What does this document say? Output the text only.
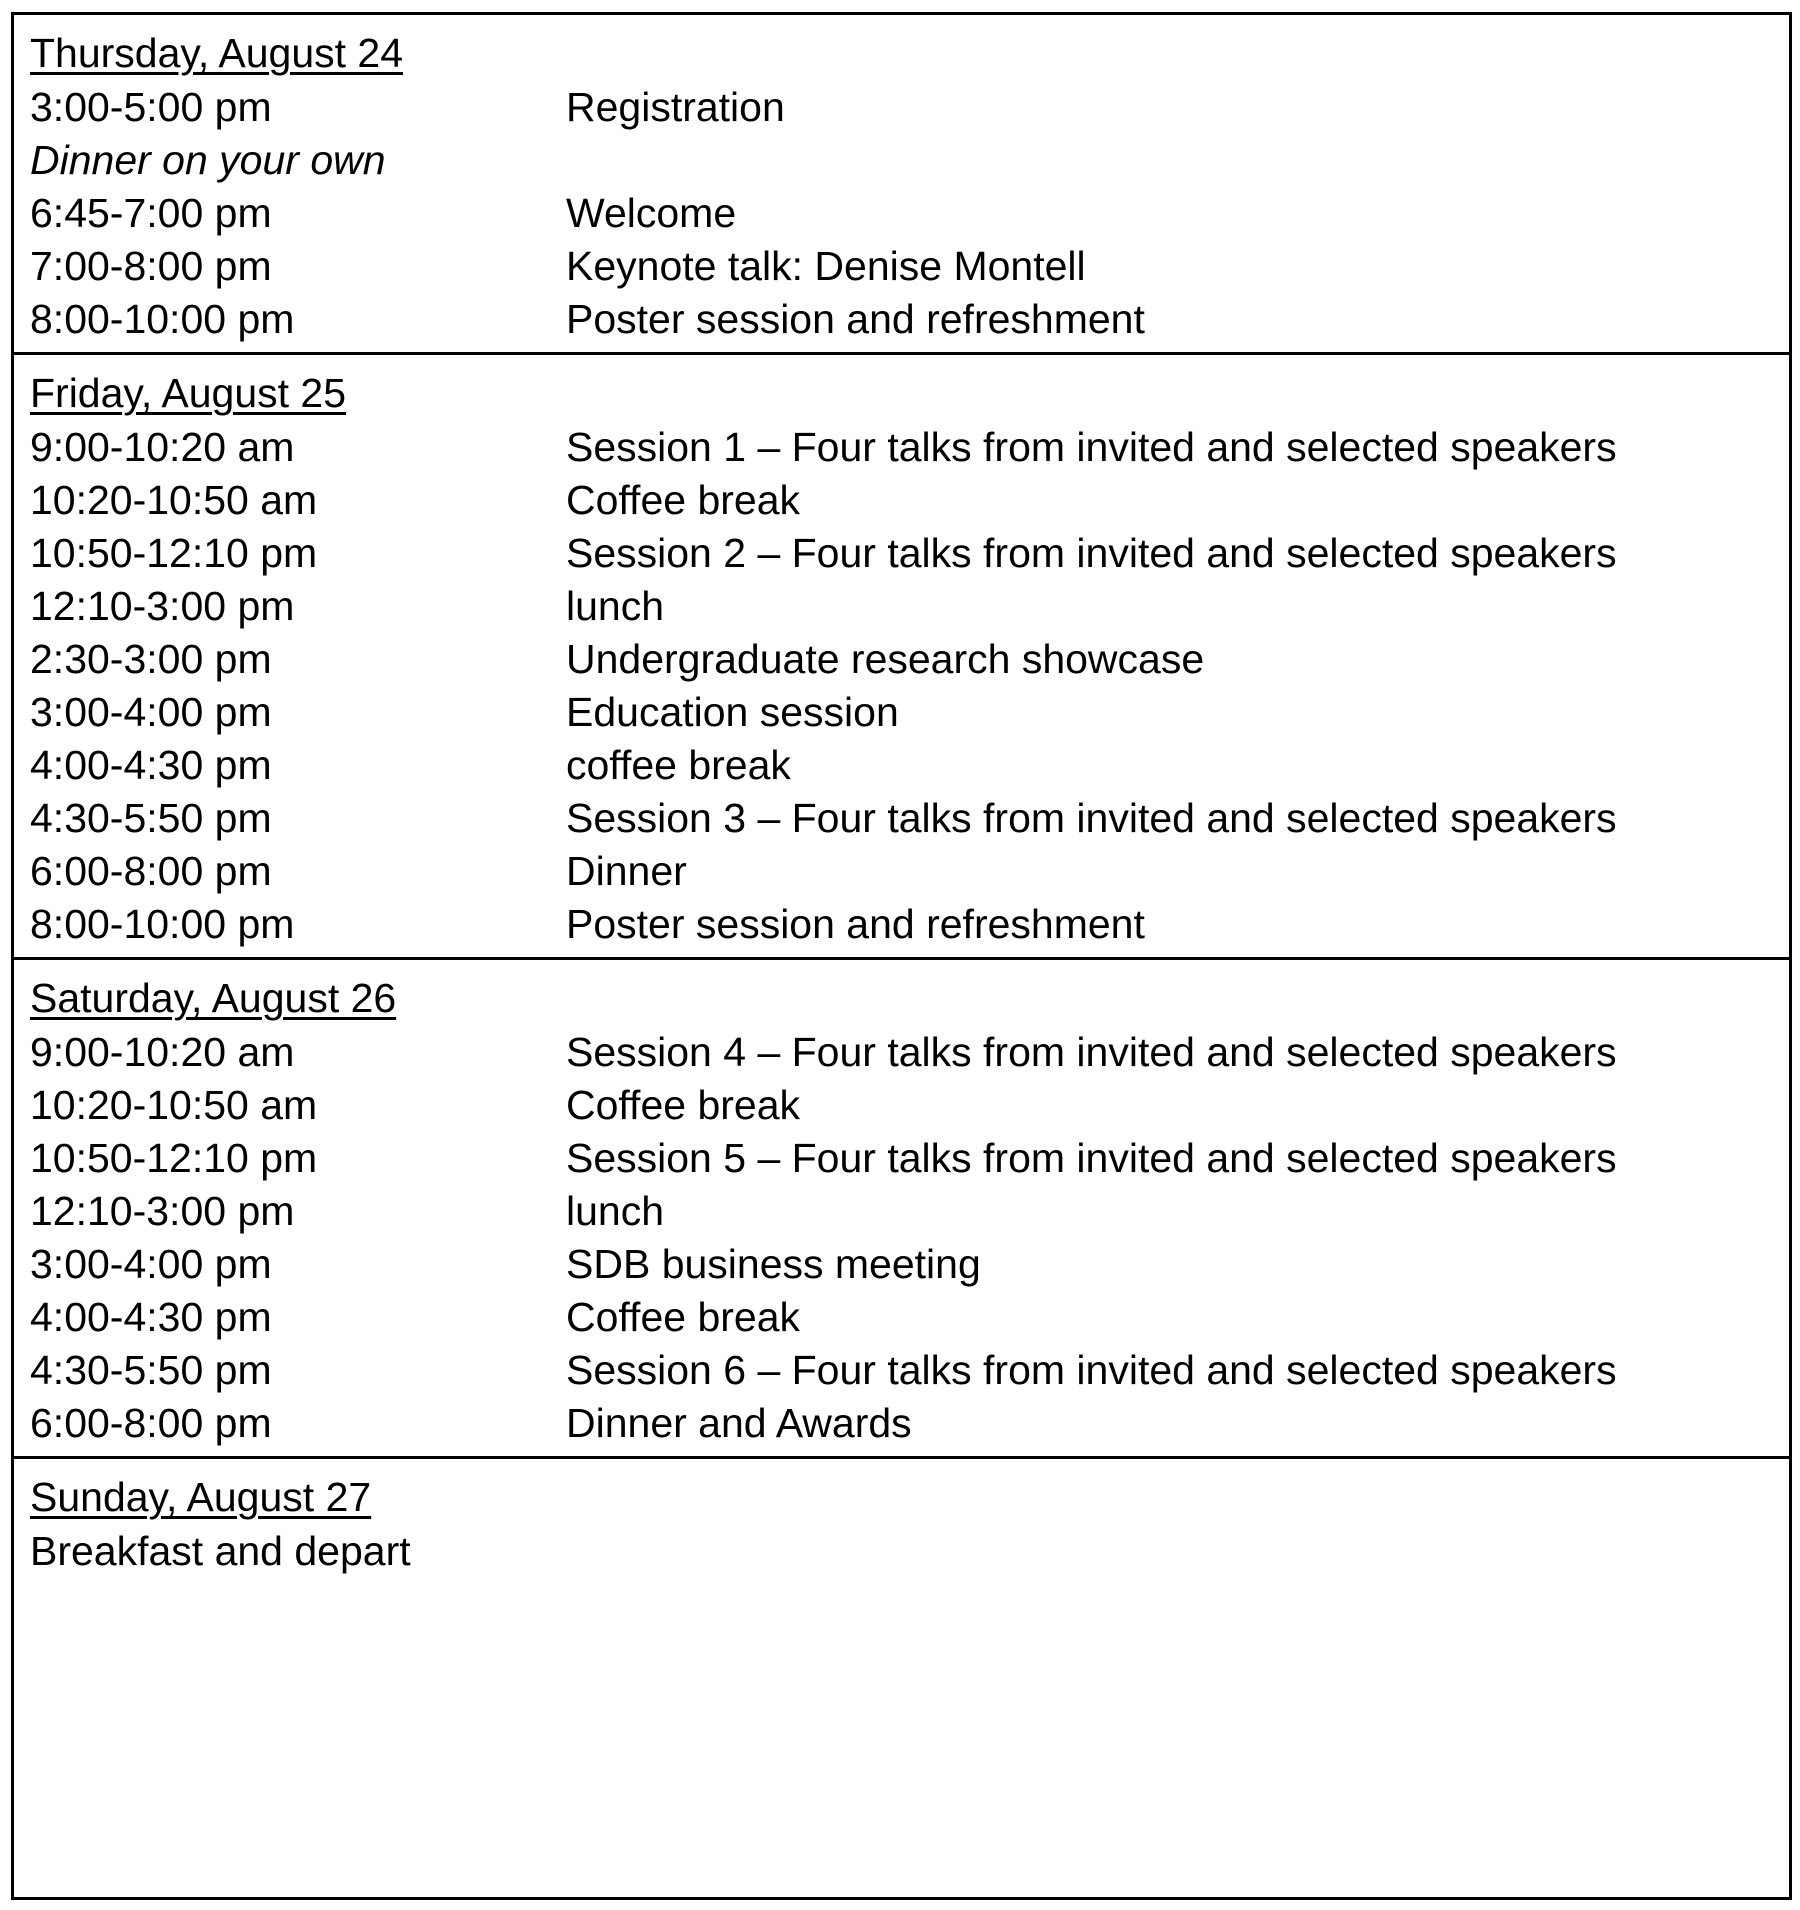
Thursday, August 24
3:00-5:00 pm	Registration
Dinner on your own
6:45-7:00 pm	Welcome
7:00-8:00 pm	Keynote talk: Denise Montell
8:00-10:00 pm	Poster session and refreshment
Friday, August 25
9:00-10:20 am	Session 1 – Four talks from invited and selected speakers
10:20-10:50 am	Coffee break
10:50-12:10 pm	Session 2 – Four talks from invited and selected speakers
12:10-3:00 pm	lunch
2:30-3:00 pm	Undergraduate research showcase
3:00-4:00 pm	Education session
4:00-4:30 pm	coffee break
4:30-5:50 pm	Session 3 – Four talks from invited and selected speakers
6:00-8:00 pm	Dinner
8:00-10:00 pm	Poster session and refreshment
Saturday, August 26
9:00-10:20 am	Session 4 – Four talks from invited and selected speakers
10:20-10:50 am	Coffee break
10:50-12:10 pm	Session 5 – Four talks from invited and selected speakers
12:10-3:00 pm	lunch
3:00-4:00 pm	SDB business meeting
4:00-4:30 pm	Coffee break
4:30-5:50 pm	Session 6 – Four talks from invited and selected speakers
6:00-8:00 pm	Dinner and Awards
Sunday, August 27
Breakfast and depart
